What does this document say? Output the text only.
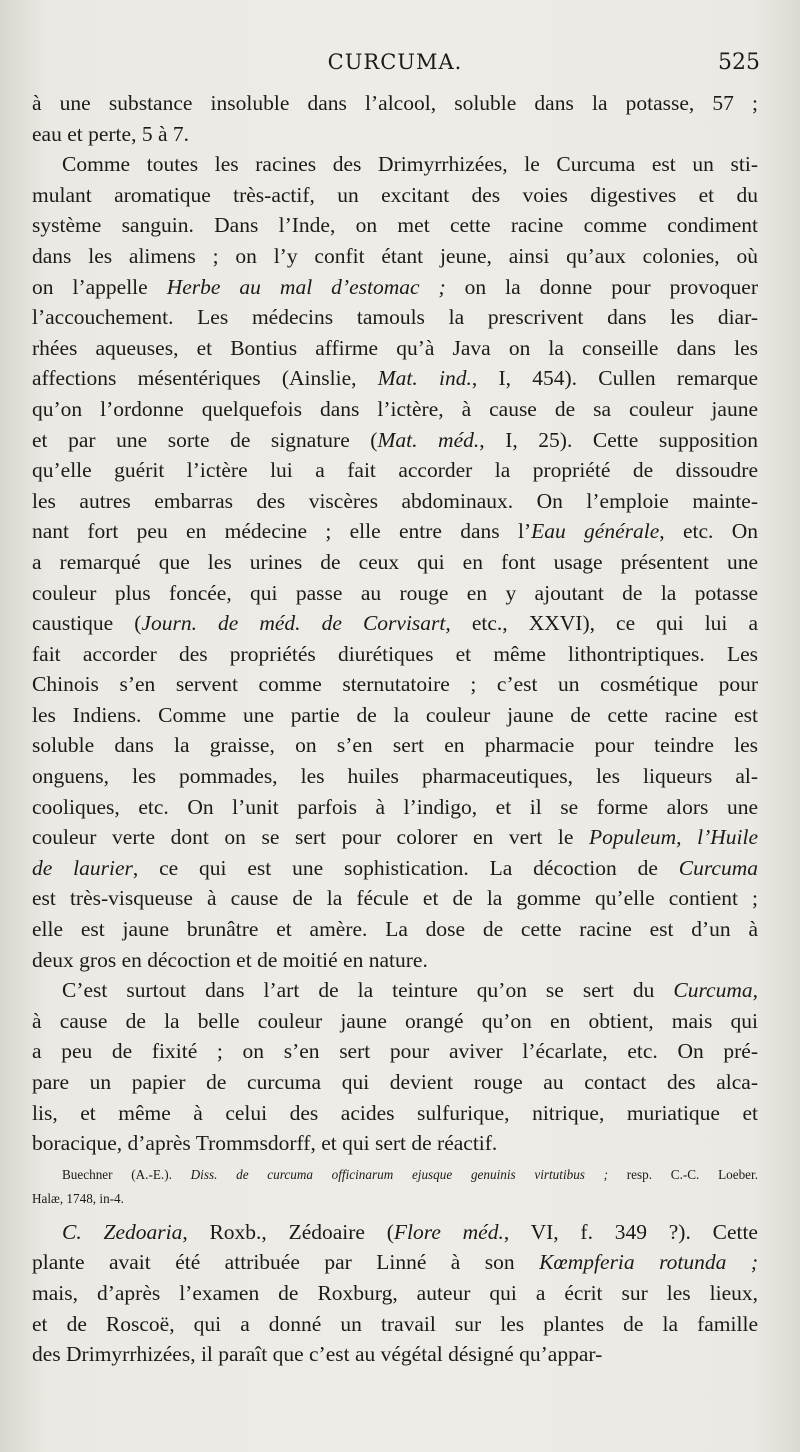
CURCUMA.	525
à une substance insoluble dans l’alcool, soluble dans la potasse, 57 ;
eau et perte, 5 à 7.
Comme toutes les racines des Drimyrrhizées, le Curcuma est un sti-
mulant aromatique très-actif, un excitant des voies digestives et du
système sanguin. Dans l’Inde, on met cette racine comme condiment
dans les alimens ; on l’y confit étant jeune, ainsi qu’aux colonies, où
on l’appelle Herbe au mal d’estomac ; on la donne pour provoquer
l’accouchement. Les médecins tamouls la prescrivent dans les diar-
rhées aqueuses, et Bontius affirme qu’à Java on la conseille dans les
affections mésentériques (Ainslie, Mat. ind., I, 454). Cullen remarque
qu’on l’ordonne quelquefois dans l’ictère, à cause de sa couleur jaune
et par une sorte de signature (Mat. méd., I, 25). Cette supposition
qu’elle guérit l’ictère lui a fait accorder la propriété de dissoudre
les autres embarras des viscères abdominaux. On l’emploie mainte-
nant fort peu en médecine ; elle entre dans l’Eau générale, etc. On
a remarqué que les urines de ceux qui en font usage présentent une
couleur plus foncée, qui passe au rouge en y ajoutant de la potasse
caustique (Journ. de méd. de Corvisart, etc., XXVI), ce qui lui a
fait accorder des propriétés diurétiques et même lithontriptiques. Les
Chinois s’en servent comme sternutatoire ; c’est un cosmétique pour
les Indiens. Comme une partie de la couleur jaune de cette racine est
soluble dans la graisse, on s’en sert en pharmacie pour teindre les
onguens, les pommades, les huiles pharmaceutiques, les liqueurs al-
cooliques, etc. On l’unit parfois à l’indigo, et il se forme alors une
couleur verte dont on se sert pour colorer en vert le Populeum, l’Huile
de laurier, ce qui est une sophistication. La décoction de Curcuma
est très-visqueuse à cause de la fécule et de la gomme qu’elle contient ;
elle est jaune brunâtre et amère. La dose de cette racine est d’un à
deux gros en décoction et de moitié en nature.
C’est surtout dans l’art de la teinture qu’on se sert du Curcuma,
à cause de la belle couleur jaune orangé qu’on en obtient, mais qui
a peu de fixité ; on s’en sert pour aviver l’écarlate, etc. On pré-
pare un papier de curcuma qui devient rouge au contact des alca-
lis, et même à celui des acides sulfurique, nitrique, muriatique et
boracique, d’après Trommsdorff, et qui sert de réactif.
Buechner (A.-E.). Diss. de curcuma officinarum ejusque genuinis virtutibus ; resp. C.-C. Loeber.
Halæ, 1748, in-4.
C. Zedoaria, Roxb., Zédoaire (Flore méd., VI, f. 349 ?). Cette
plante avait été attribuée par Linné à son Kœmpferia rotunda ;
mais, d’après l’examen de Roxburg, auteur qui a écrit sur les lieux,
et de Roscoë, qui a donné un travail sur les plantes de la famille
des Drimyrrhizées, il paraît que c’est au végétal désigné qu’appar-
